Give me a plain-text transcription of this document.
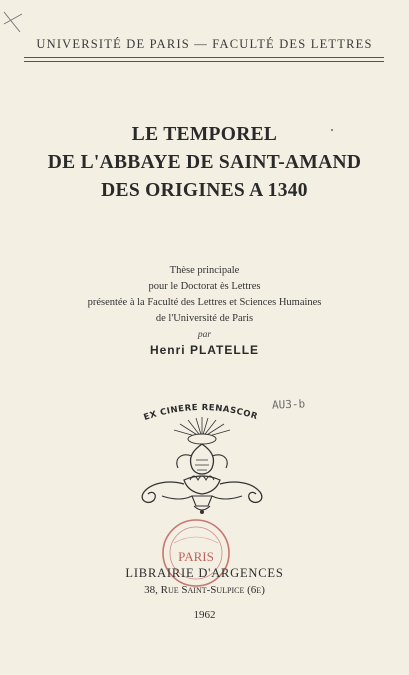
UNIVERSITÉ DE PARIS — FACULTÉ DES LETTRES
LE TEMPOREL
DE L'ABBAYE DE SAINT-AMAND
DES ORIGINES A 1340
Thèse principale
pour le Doctorat ès Lettres
présentée à la Faculté des Lettres et Sciences Humaines
de l'Université de Paris
par
Henri PLATELLE
AU3-b
EX CINERE RENASCOR
PARIS
LIBRAIRIE D'ARGENCES
38, Rue Saint-Sulpice (6e)
1962
